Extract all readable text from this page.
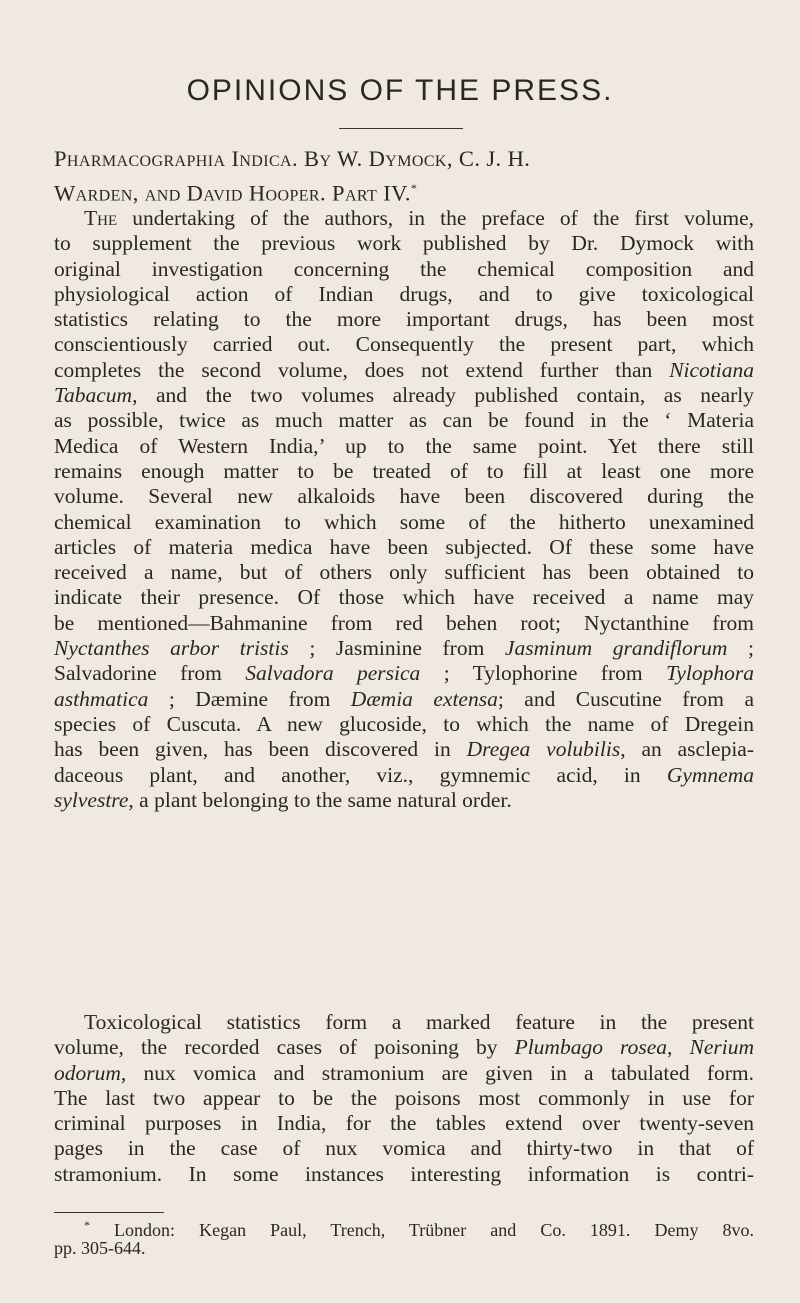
OPINIONS OF THE PRESS.
Pharmacographia Indica. By W. Dymock, C. J. H.
Warden, and David Hooper. Part IV.*
The undertaking of the authors, in the preface of the first volume,
to supplement the previous work published by Dr. Dymock with
original investigation concerning the chemical composition and
physiological action of Indian drugs, and to give toxicological
statistics relating to the more important drugs, has been most
conscientiously carried out. Consequently the present part, which
completes the second volume, does not extend further than Nicotiana
Tabacum, and the two volumes already published contain, as nearly
as possible, twice as much matter as can be found in the ‘ Materia
Medica of Western India,’ up to the same point. Yet there still
remains enough matter to be treated of to fill at least one more
volume. Several new alkaloids have been discovered during the
chemical examination to which some of the hitherto unexamined
articles of materia medica have been subjected. Of these some have
received a name, but of others only sufficient has been obtained to
indicate their presence. Of those which have received a name may
be mentioned—Bahmanine from red behen root; Nyctanthine from
Nyctanthes arbor tristis ; Jasminine from Jasminum grandiflorum ;
Salvadorine from Salvadora persica ; Tylophorine from Tylophora
asthmatica ; Dæmine from Dæmia extensa; and Cuscutine from a
species of Cuscuta. A new glucoside, to which the name of Dregein
has been given, has been discovered in Dregea volubilis, an asclepia-
daceous plant, and another, viz., gymnemic acid, in Gymnema
sylvestre, a plant belonging to the same natural order.
Toxicological statistics form a marked feature in the present
volume, the recorded cases of poisoning by Plumbago rosea, Nerium
odorum, nux vomica and stramonium are given in a tabulated form.
The last two appear to be the poisons most commonly in use for
criminal purposes in India, for the tables extend over twenty-seven
pages in the case of nux vomica and thirty-two in that of
stramonium. In some instances interesting information is contri-
* London: Kegan Paul, Trench, Trübner and Co. 1891. Demy 8vo.
pp. 305-644.
